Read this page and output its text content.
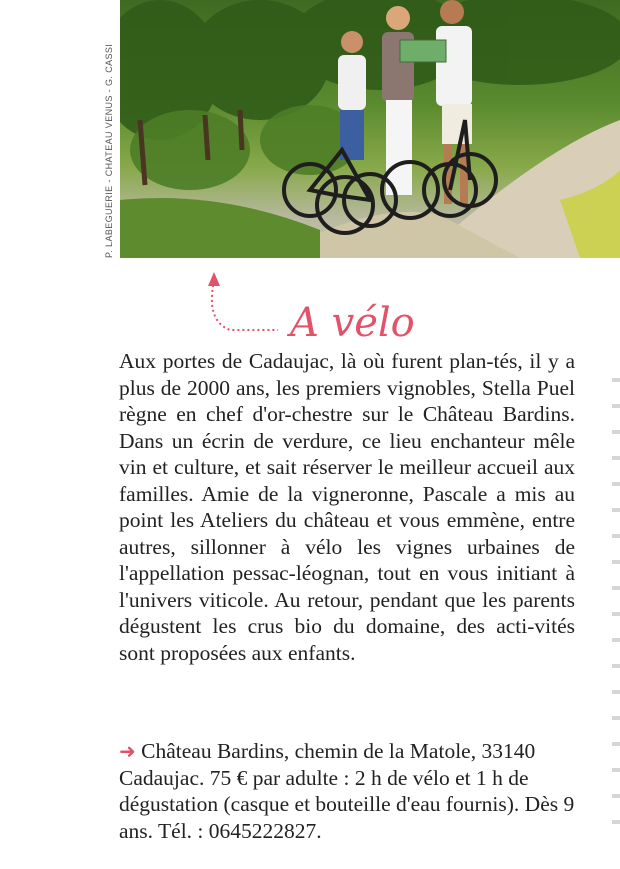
P. LABEGUERIE - CHATEAU VENUS - G. CASSI
A vélo
Aux portes de Cadaujac, là où furent plan-tés, il y a plus de 2000 ans, les premiers vignobles, Stella Puel règne en chef d'or-chestre sur le Château Bardins. Dans un écrin de verdure, ce lieu enchanteur mêle vin et culture, et sait réserver le meilleur accueil aux familles. Amie de la vigneronne, Pascale a mis au point les Ateliers du château et vous emmène, entre autres, sillonner à vélo les vignes urbaines de l'appellation pessac-léognan, tout en vous initiant à l'univers viticole. Au retour, pendant que les parents dégustent les crus bio du domaine, des acti-vités sont proposées aux enfants.
➜ Château Bardins, chemin de la Matole, 33140 Cadaujac. 75 € par adulte : 2 h de vélo et 1 h de dégustation (casque et bouteille d'eau fournis). Dès 9 ans. Tél. : 0645222827.
